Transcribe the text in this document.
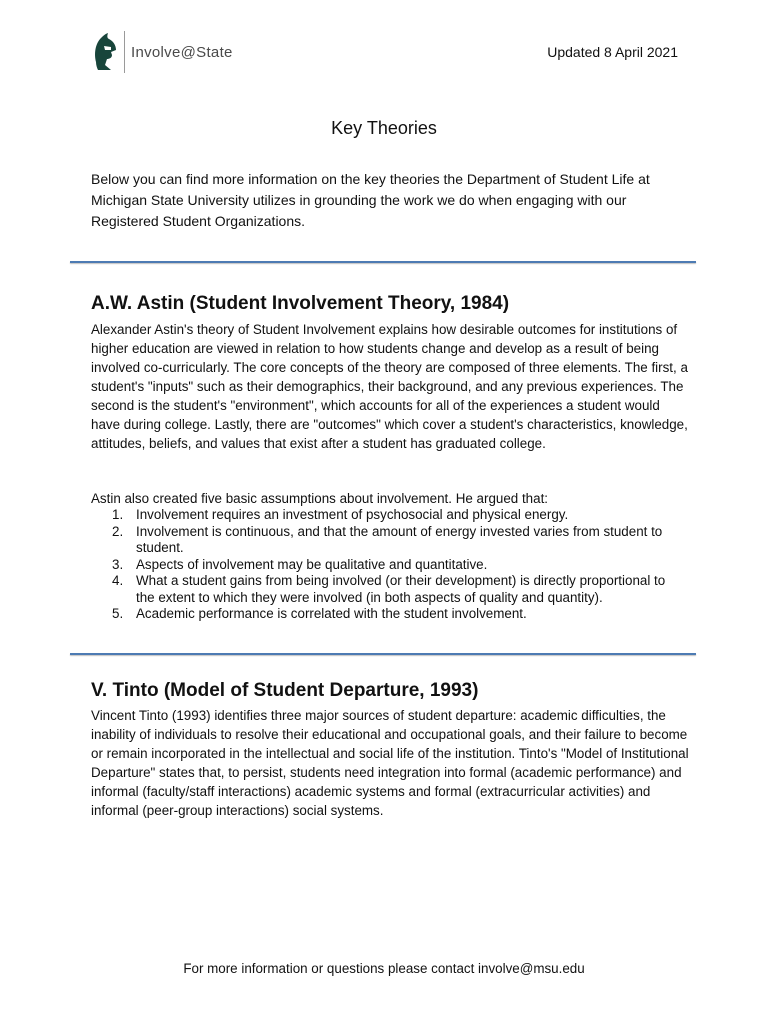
Involve@State	Updated 8 April 2021
Key Theories
Below you can find more information on the key theories the Department of Student Life at Michigan State University utilizes in grounding the work we do when engaging with our Registered Student Organizations.
A.W. Astin (Student Involvement Theory, 1984)
Alexander Astin's theory of Student Involvement explains how desirable outcomes for institutions of higher education are viewed in relation to how students change and develop as a result of being involved co-curricularly. The core concepts of the theory are composed of three elements. The first, a student's "inputs" such as their demographics, their background, and any previous experiences. The second is the student's "environment", which accounts for all of the experiences a student would have during college. Lastly, there are "outcomes" which cover a student's characteristics, knowledge, attitudes, beliefs, and values that exist after a student has graduated college.
Astin also created five basic assumptions about involvement. He argued that:
1. Involvement requires an investment of psychosocial and physical energy.
2. Involvement is continuous, and that the amount of energy invested varies from student to student.
3. Aspects of involvement may be qualitative and quantitative.
4. What a student gains from being involved (or their development) is directly proportional to the extent to which they were involved (in both aspects of quality and quantity).
5. Academic performance is correlated with the student involvement.
V. Tinto (Model of Student Departure, 1993)
Vincent Tinto (1993) identifies three major sources of student departure: academic difficulties, the inability of individuals to resolve their educational and occupational goals, and their failure to become or remain incorporated in the intellectual and social life of the institution. Tinto's "Model of Institutional Departure" states that, to persist, students need integration into formal (academic performance) and informal (faculty/staff interactions) academic systems and formal (extracurricular activities) and informal (peer-group interactions) social systems.
For more information or questions please contact involve@msu.edu
